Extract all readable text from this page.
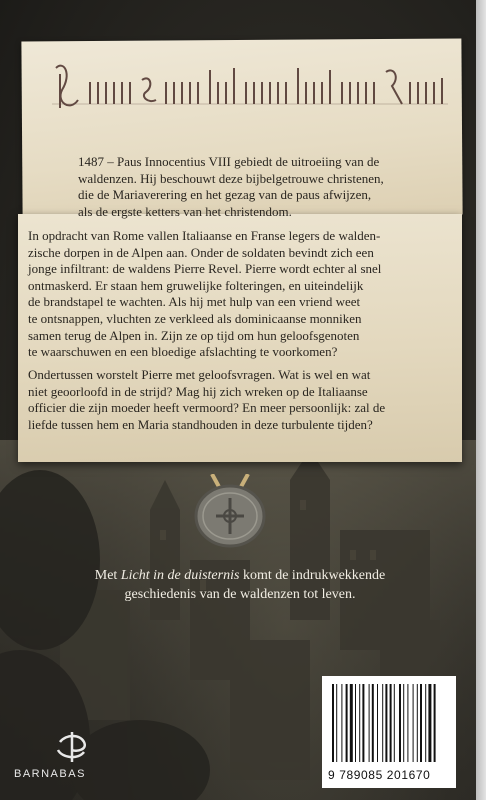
1487 – Paus Innocentius VIII gebiedt de uitroeiing van de
waldenzen. Hij beschouwt deze bijbelgetrouwe christenen,
die de Mariaverering en het gezag van de paus afwijzen,
als de ergste ketters van het christendom.

In opdracht van Rome vallen Italiaanse en Franse legers de walden-
zische dorpen in de Alpen aan. Onder de soldaten bevindt zich een
jonge infiltrant: de waldens Pierre Revel. Pierre wordt echter al snel
ontmaskerd. Er staan hem gruwelijke folteringen, en uiteindelijk
de brandstapel te wachten. Als hij met hulp van een vriend weet
te ontsnappen, vluchten ze verkleed als dominicaanse monniken
samen terug de Alpen in. Zijn ze op tijd om hun geloofsgenoten
te waarschuwen en een bloedige afslachting te voorkomen?

Ondertussen worstelt Pierre met geloofsvragen. Wat is wel en wat
niet geoorloofd in de strijd? Mag hij zich wreken op de Italiaanse
officier die zijn moeder heeft vermoord? En meer persoonlijk: zal de
liefde tussen hem en Maria standhouden in deze turbulente tijden?

Met Licht in de duisternis komt de indrukwekkende
geschiedenis van de waldenzen tot leven.

9 789085 201670
BARNABAS
